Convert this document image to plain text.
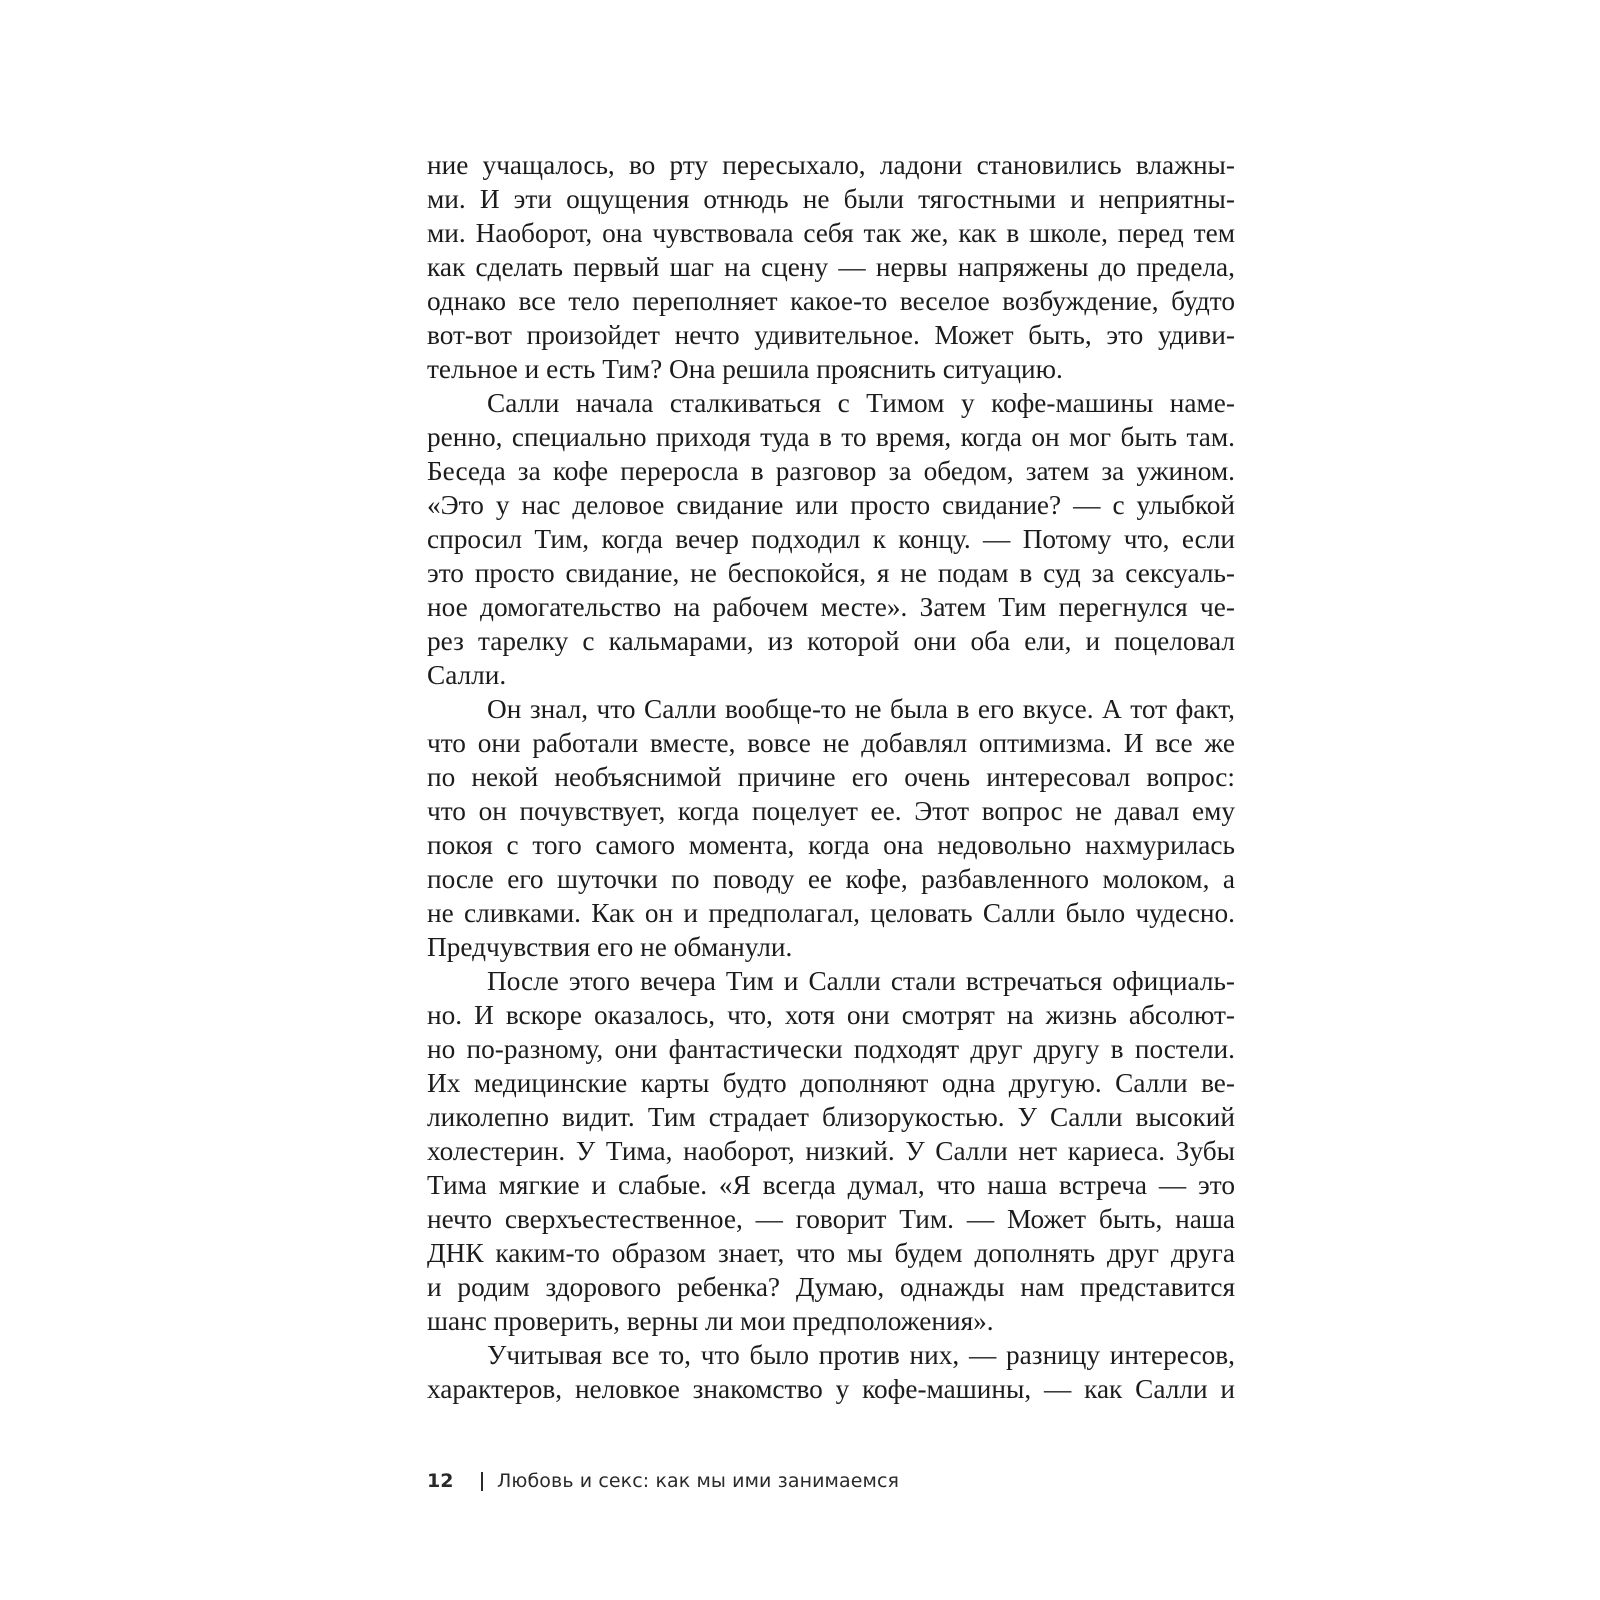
ние учащалось, во рту пересыхало, ладони становились влажны-
ми. И эти ощущения отнюдь не были тягостными и неприятны-
ми. Наоборот, она чувствовала себя так же, как в школе, перед тем
как сделать первый шаг на сцену — нервы напряжены до предела,
однако все тело переполняет какое-то веселое возбуждение, будто
вот-вот произойдет нечто удивительное. Может быть, это удиви-
тельное и есть Тим? Она решила прояснить ситуацию.

Салли начала сталкиваться с Тимом у кофе-машины наме-
ренно, специально приходя туда в то время, когда он мог быть там.
Беседа за кофе переросла в разговор за обедом, затем за ужином.
«Это у нас деловое свидание или просто свидание? — с улыбкой
спросил Тим, когда вечер подходил к концу. — Потому что, если
это просто свидание, не беспокойся, я не подам в суд за сексуаль-
ное домогательство на рабочем месте». Затем Тим перегнулся че-
рез тарелку с кальмарами, из которой они оба ели, и поцеловал
Салли.

Он знал, что Салли вообще-то не была в его вкусе. А тот факт,
что они работали вместе, вовсе не добавлял оптимизма. И все же
по некой необъяснимой причине его очень интересовал вопрос:
что он почувствует, когда поцелует ее. Этот вопрос не давал ему
покоя с того самого момента, когда она недовольно нахмурилась
после его шуточки по поводу ее кофе, разбавленного молоком, а
не сливками. Как он и предполагал, целовать Салли было чудесно.
Предчувствия его не обманули.

После этого вечера Тим и Салли стали встречаться официаль-
но. И вскоре оказалось, что, хотя они смотрят на жизнь абсолют-
но по-разному, они фантастически подходят друг другу в постели.
Их медицинские карты будто дополняют одна другую. Салли ве-
ликолепно видит. Тим страдает близорукостью. У Салли высокий
холестерин. У Тима, наоборот, низкий. У Салли нет кариеса. Зубы
Тима мягкие и слабые. «Я всегда думал, что наша встреча — это
нечто сверхъестественное, — говорит Тим. — Может быть, наша
ДНК каким-то образом знает, что мы будем дополнять друг друга
и родим здорового ребенка? Думаю, однажды нам представится
шанс проверить, верны ли мои предположения».

Учитывая все то, что было против них, — разницу интересов,
характеров, неловкое знакомство у кофе-машины, — как Салли и

12	Любовь и секс: как мы ими занимаемся
